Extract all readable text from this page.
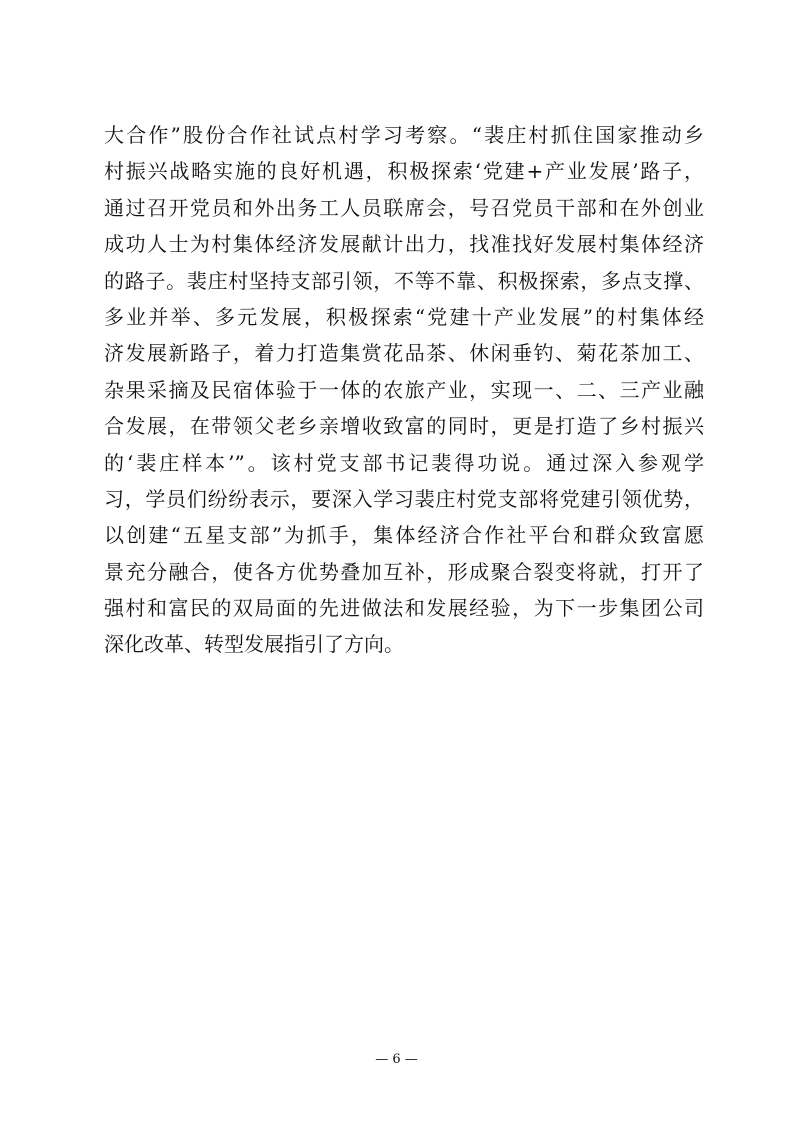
大合作”股份合作社试点村学习考察。“裴庄村抓住国家推动乡
村振兴战略实施的良好机遇，积极探索‘党建+产业发展’路子，
通过召开党员和外出务工人员联席会，号召党员干部和在外创业
成功人士为村集体经济发展献计出力，找准找好发展村集体经济
的路子。裴庄村坚持支部引领，不等不靠、积极探索，多点支撑、
多业并举、多元发展，积极探索“党建十产业发展”的村集体经
济发展新路子，着力打造集赏花品茶、休闲垂钓、菊花茶加工、
杂果采摘及民宿体验于一体的农旅产业，实现一、二、三产业融
合发展，在带领父老乡亲增收致富的同时，更是打造了乡村振兴
的‘裴庄样本’”。该村党支部书记裴得功说。通过深入参观学
习，学员们纷纷表示，要深入学习裴庄村党支部将党建引领优势，
以创建“五星支部”为抓手，集体经济合作社平台和群众致富愿
景充分融合，使各方优势叠加互补，形成聚合裂变将就，打开了
强村和富民的双局面的先进做法和发展经验，为下一步集团公司
深化改革、转型发展指引了方向。
— 6 —
